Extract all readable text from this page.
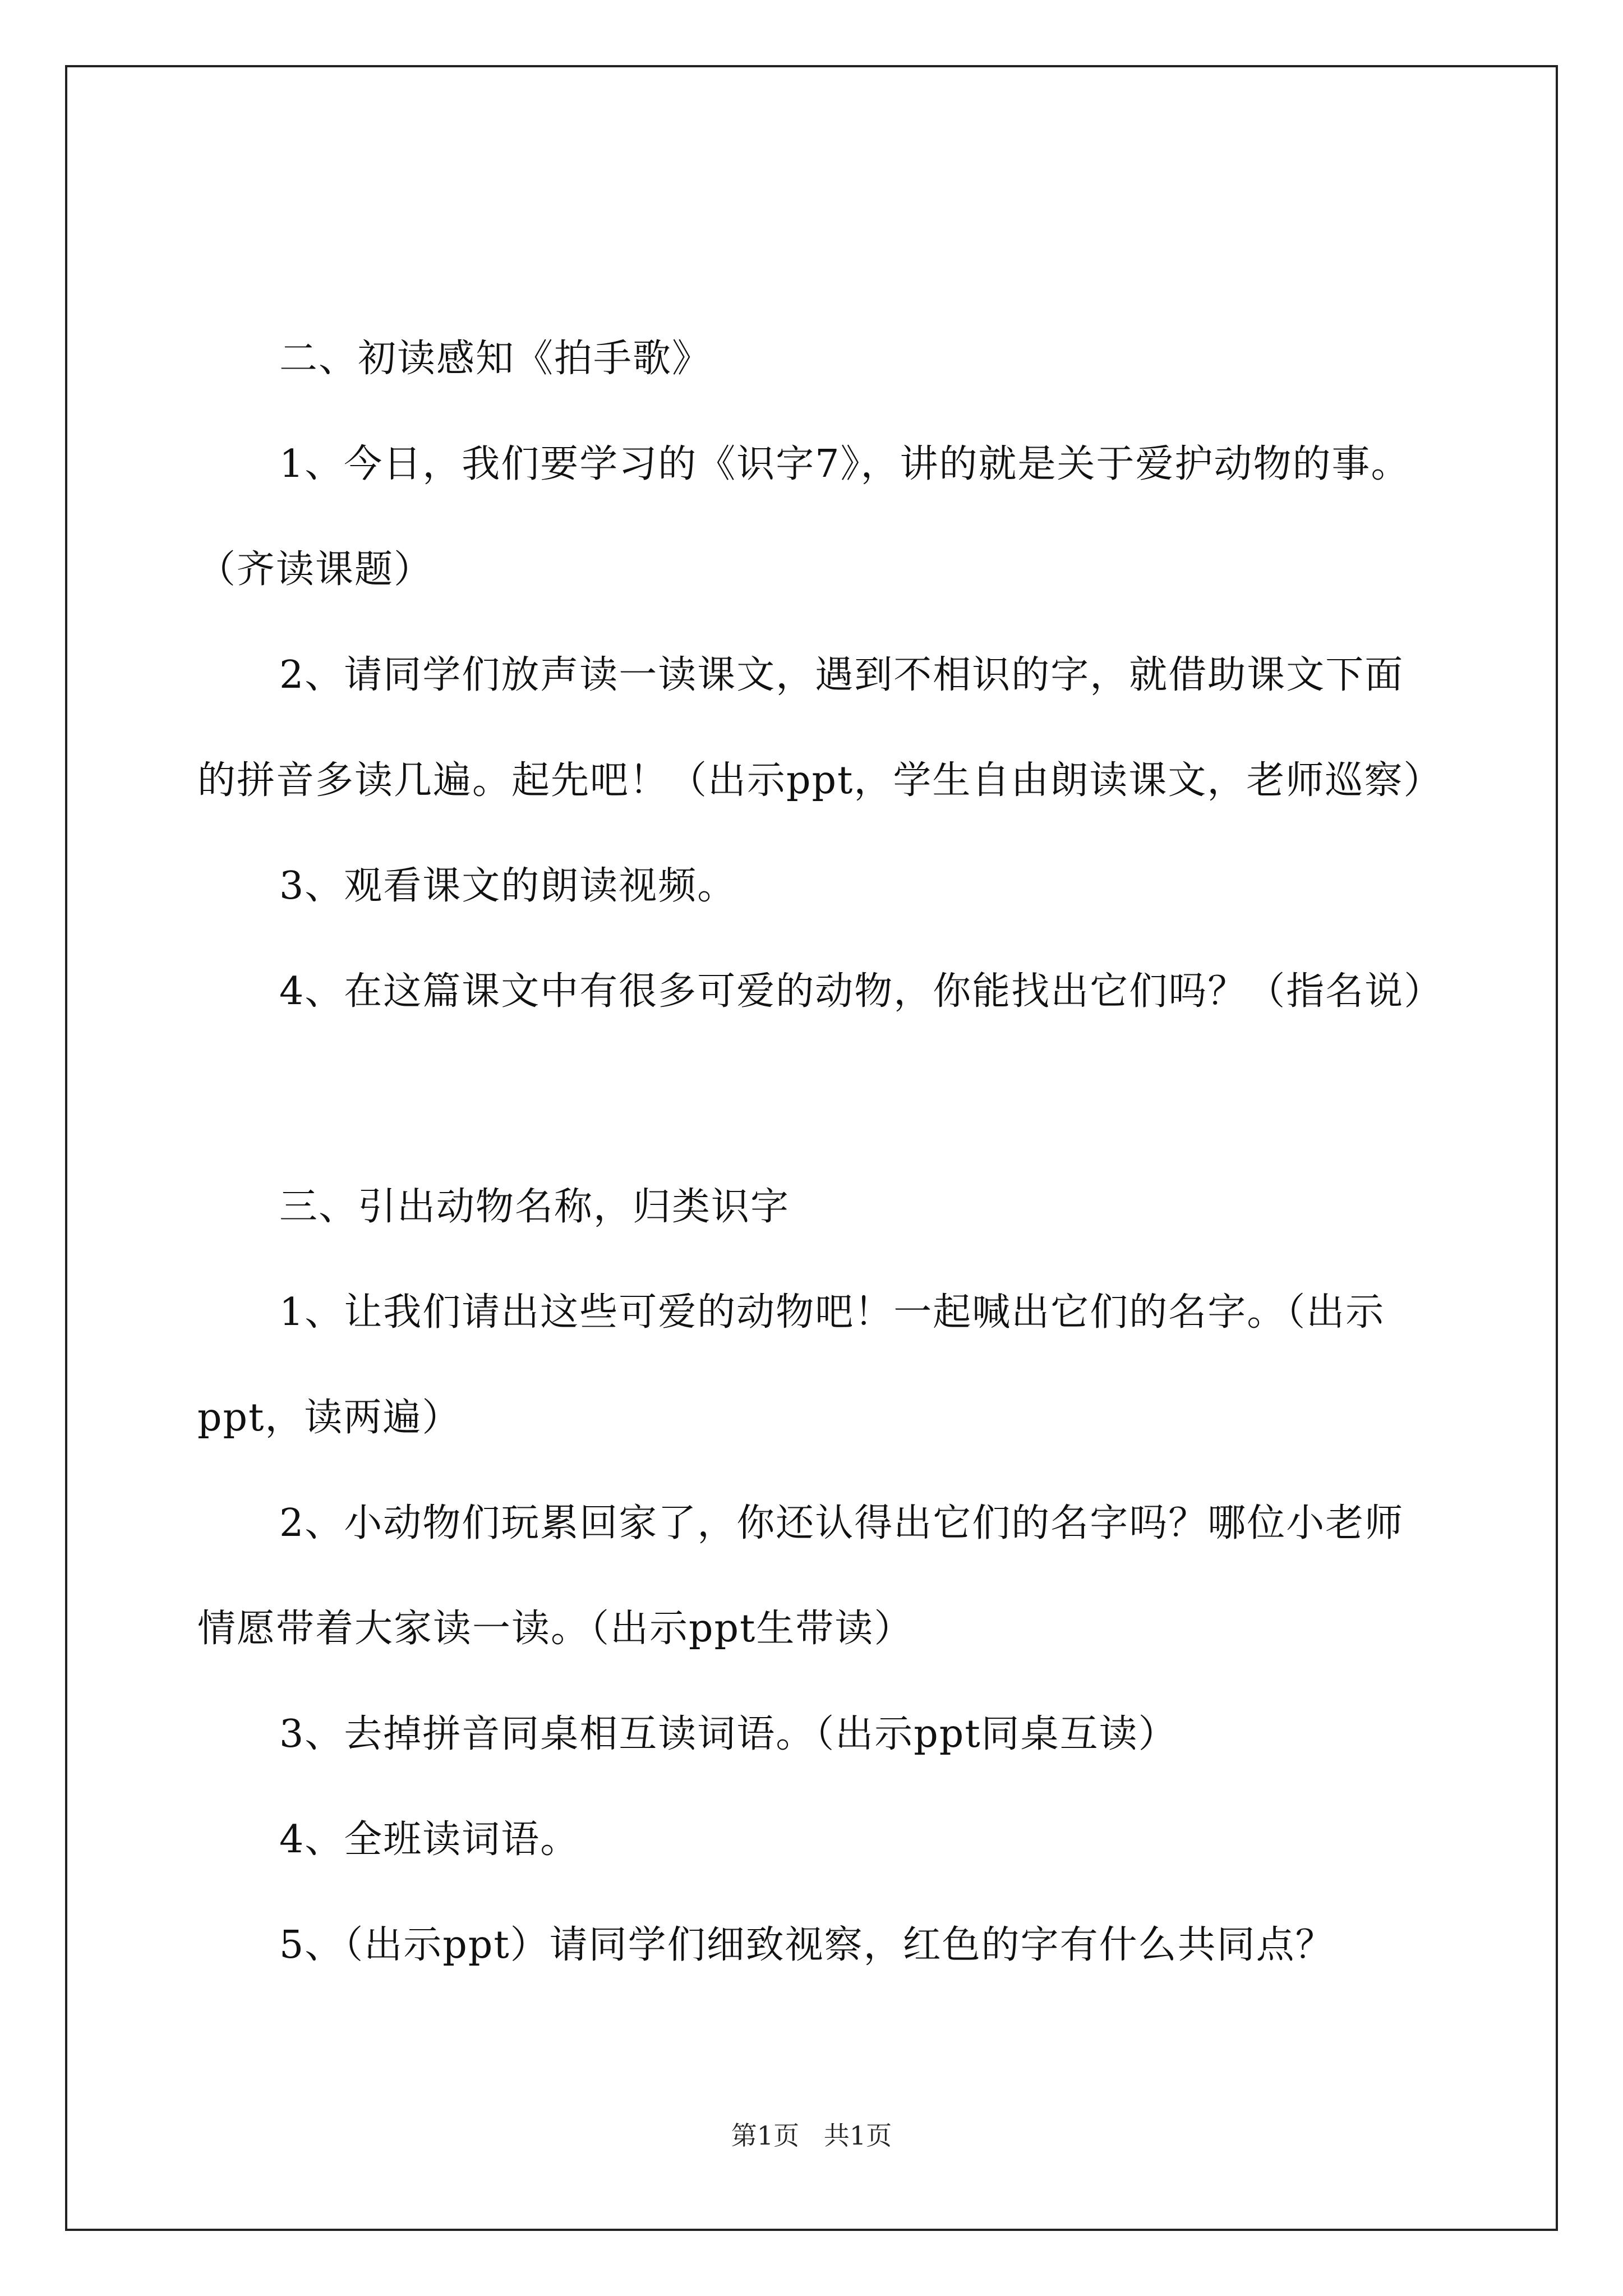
二、初读感知《拍手歌》
1、今日，我们要学习的《识字7》，讲的就是关于爱护动物的事。
（齐读课题）
2、请同学们放声读一读课文，遇到不相识的字，就借助课文下面
的拼音多读几遍。起先吧！（出示ppt，学生自由朗读课文，老师巡察）
3、观看课文的朗读视频。
4、在这篇课文中有很多可爱的动物，你能找出它们吗？（指名说）
三、引出动物名称，归类识字
1、让我们请出这些可爱的动物吧！一起喊出它们的名字。（出示
ppt，读两遍）
2、小动物们玩累回家了，你还认得出它们的名字吗？哪位小老师
情愿带着大家读一读。（出示ppt生带读）
3、去掉拼音同桌相互读词语。（出示ppt同桌互读）
4、全班读词语。
5、（出示ppt）请同学们细致视察，红色的字有什么共同点？
第1页   共1页
